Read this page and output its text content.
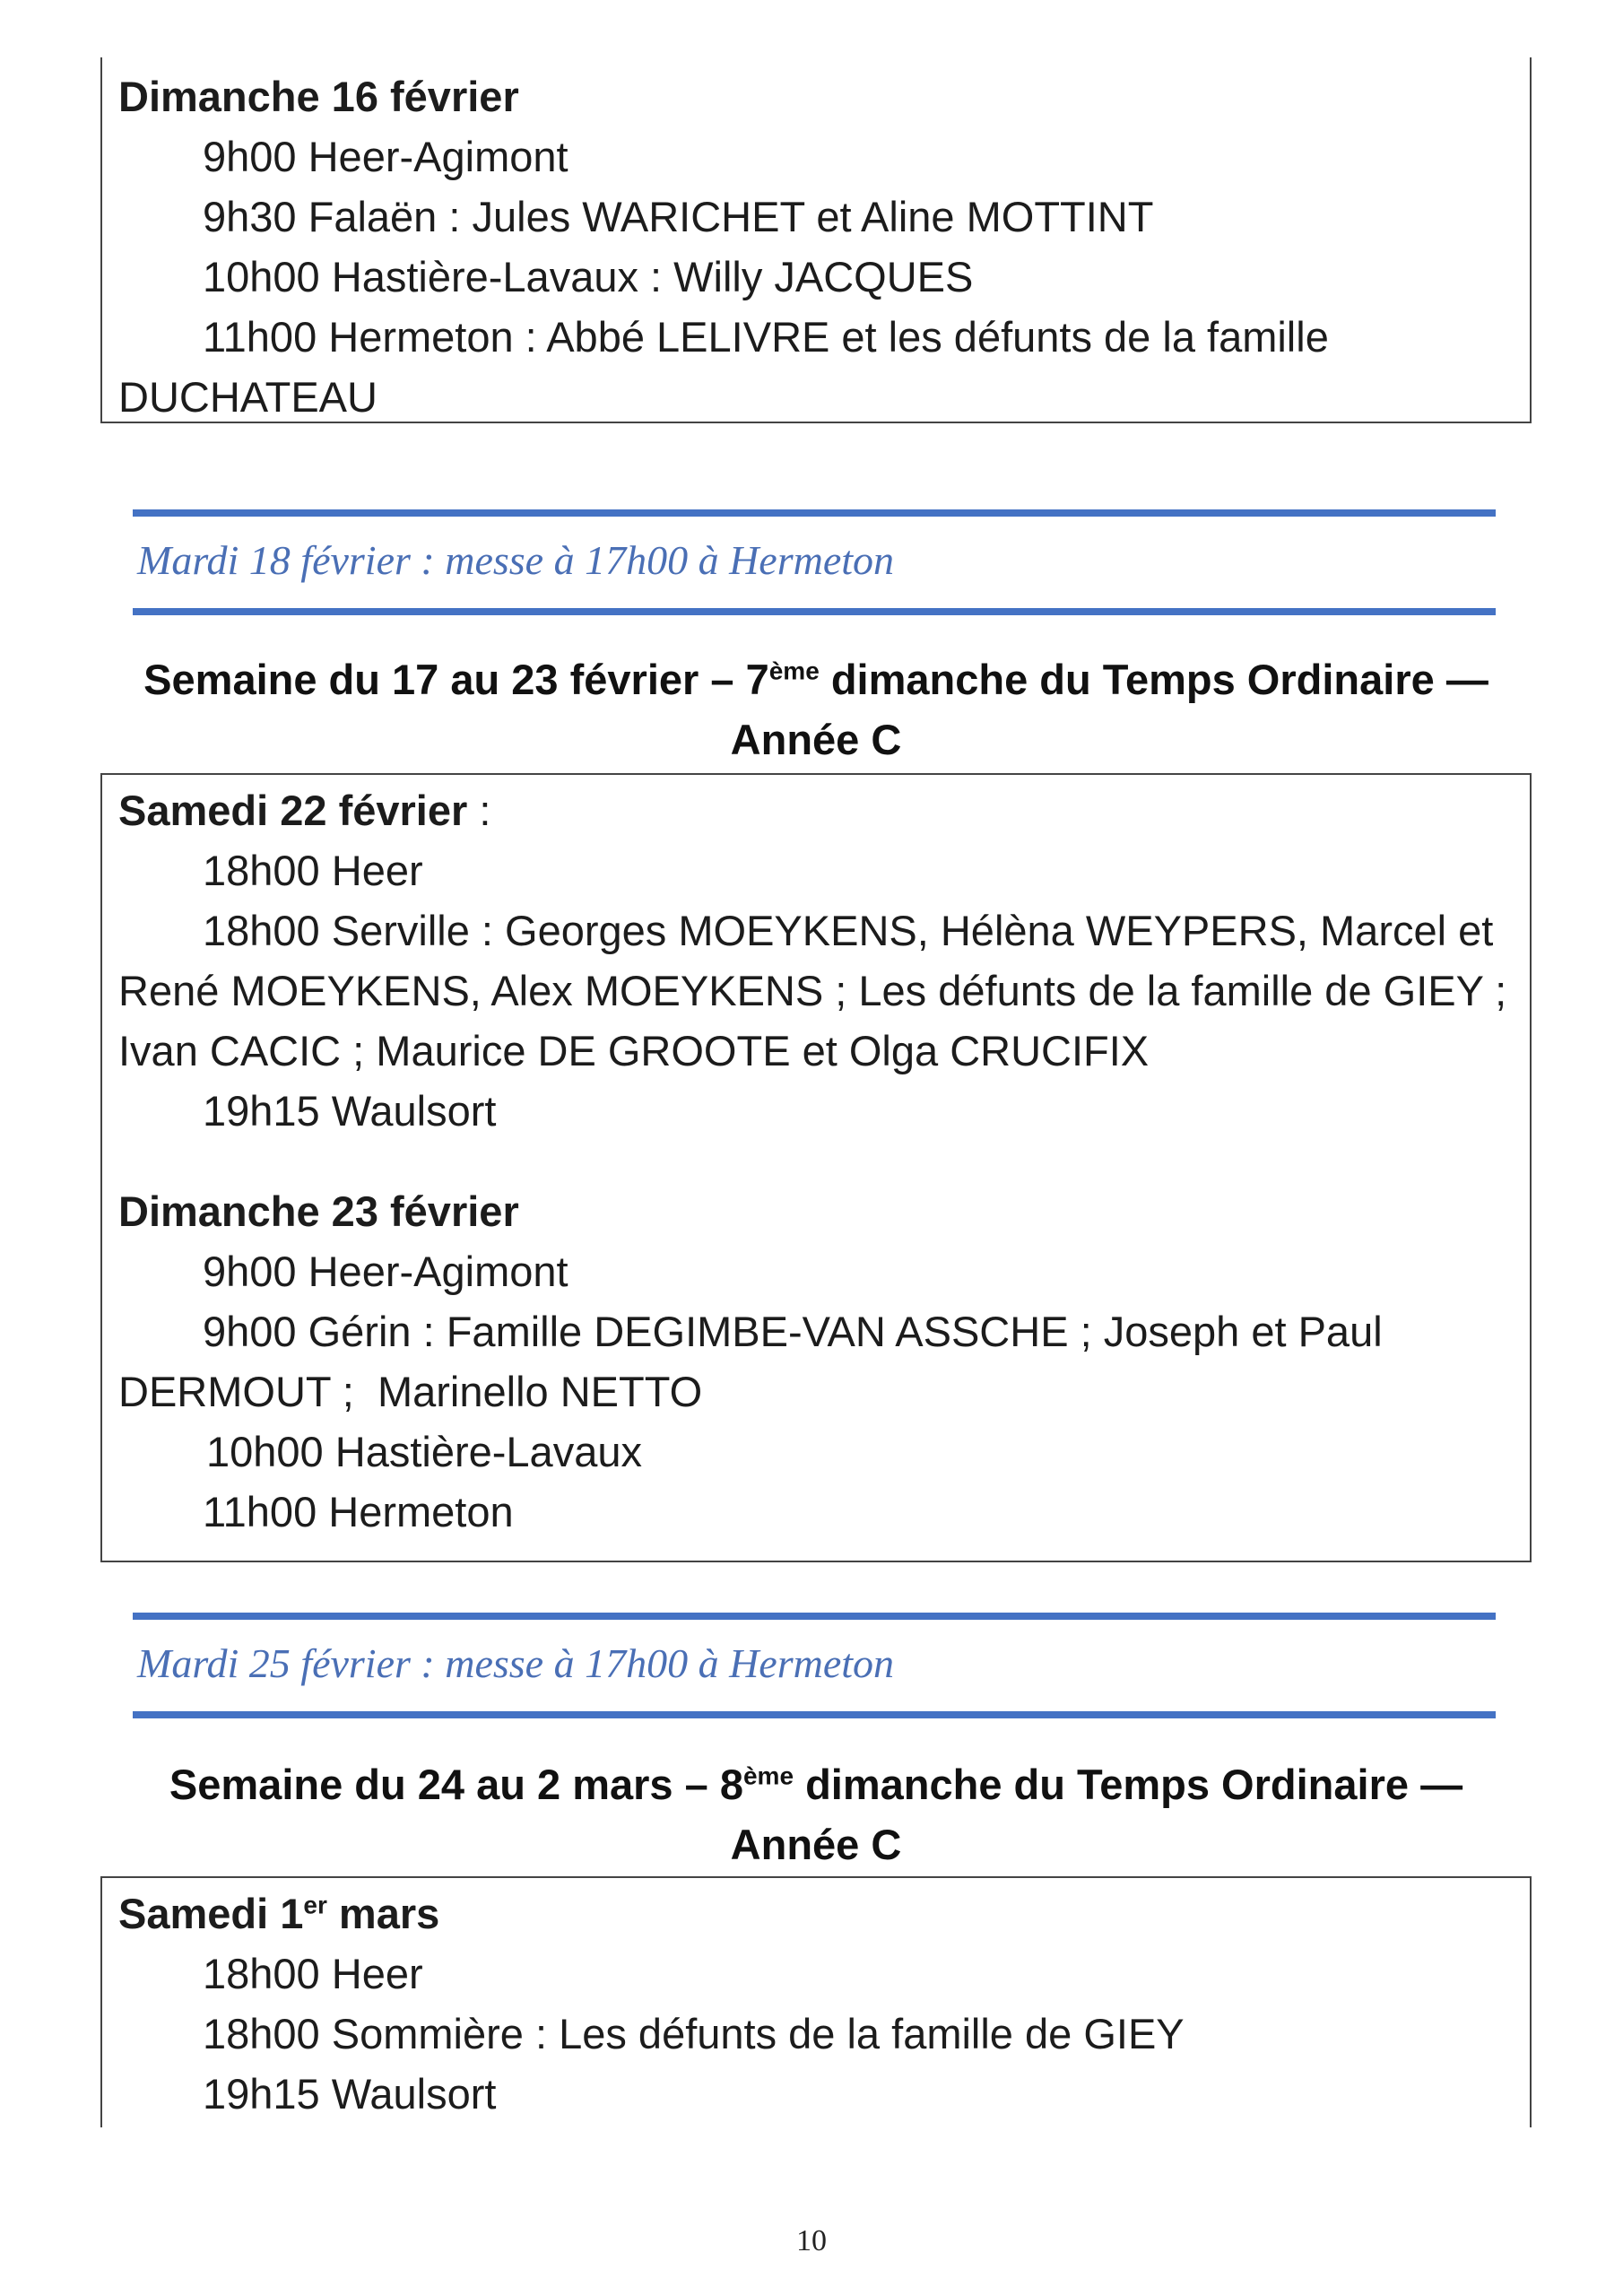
Dimanche 16 février
9h00 Heer-Agimont
9h30 Falaën : Jules WARICHET et Aline MOTTINT
10h00 Hastière-Lavaux : Willy JACQUES
11h00 Hermeton : Abbé LELIVRE et les défunts de la famille
DUCHATEAU
Mardi 18 février : messe à 17h00 à Hermeton
Semaine du 17 au 23 février – 7ème dimanche du Temps Ordinaire —
Année C
Samedi 22 février :
18h00 Heer
18h00 Serville : Georges MOEYKENS, Hélèna WEYPERS, Marcel et
René MOEYKENS, Alex MOEYKENS ; Les défunts de la famille de GIEY ;
Ivan CACIC ; Maurice DE GROOTE et Olga CRUCIFIX
19h15 Waulsort
Dimanche 23 février
9h00 Heer-Agimont
9h00 Gérin : Famille DEGIMBE-VAN ASSCHE ; Joseph et Paul
DERMOUT ;  Marinello NETTO
10h00 Hastière-Lavaux
11h00 Hermeton
Mardi 25 février : messe à 17h00 à Hermeton
Semaine du 24 au 2 mars – 8ème dimanche du Temps Ordinaire —
Année C
Samedi 1er mars
18h00 Heer
18h00 Sommière : Les défunts de la famille de GIEY
19h15 Waulsort
10
